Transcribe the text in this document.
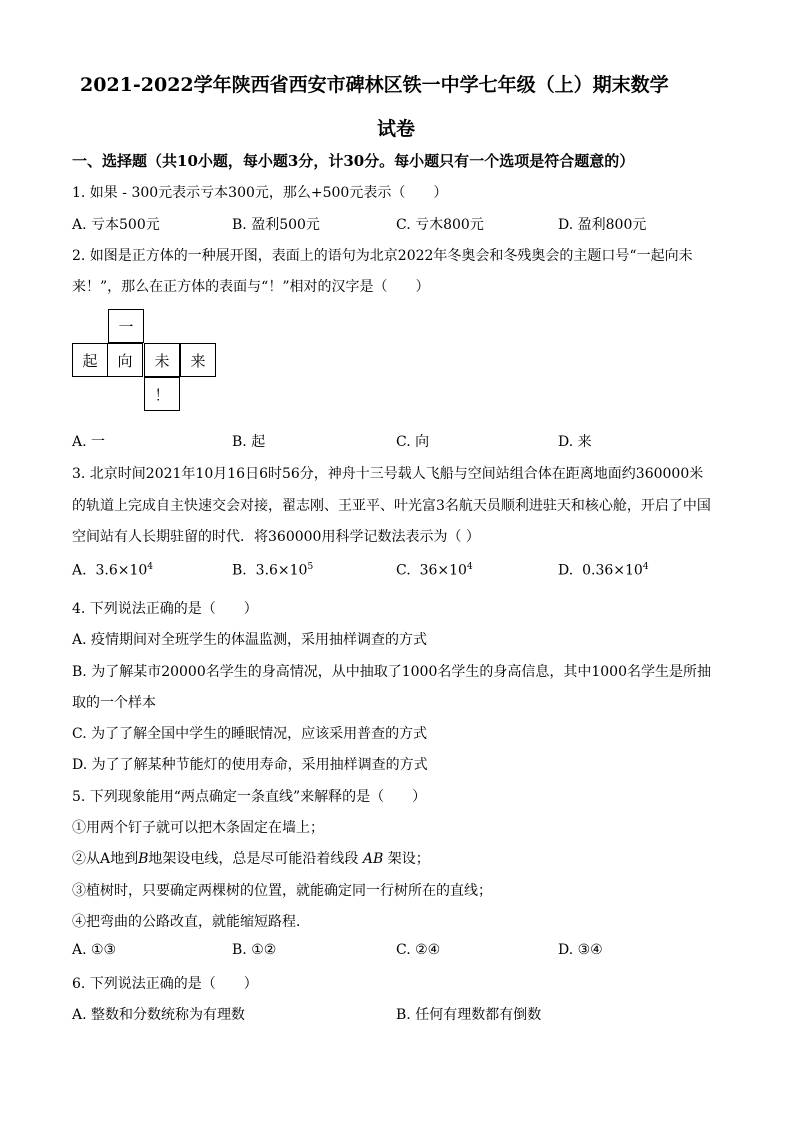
2021-2022学年陕西省西安市碑林区铁一中学七年级（上）期末数学
试卷
一、选择题（共10小题，每小题3分，计30分。每小题只有一个选项是符合题意的）
1. 如果 - 300元表示亏本300元，那么+500元表示（　　）
A. 亏本500元	B. 盈利500元	C. 亏木800元	D. 盈利800元
2. 如图是正方体的一种展开图，表面上的语句为北京2022年冬奥会和冬残奥会的主题口号“一起向未
来！”，那么在正方体的表面与“！”相对的汉字是（　　）
一
起	向	未	来
！
A. 一	B. 起	C. 向	D. 来
3. 北京时间2021年10月16日6时56分，神舟十三号载人飞船与空间站组合体在距离地面约360000米
的轨道上完成自主快速交会对接，翟志刚、王亚平、叶光富3名航天员顺利进驻天和核心舱，开启了中国
空间站有人长期驻留的时代．将360000用科学记数法表示为（ ）
A. $3.6\times 10^4$	B. $3.6\times 10^5$	C. $36\times 10^4$	D. $0.36\times 10^4$
4. 下列说法正确的是（　　）
A. 疫情期间对全班学生的体温监测，采用抽样调查的方式
B. 为了解某市20000名学生的身高情况，从中抽取了1000名学生的身高信息，其中1000名学生是所抽
取的一个样本
C. 为了了解全国中学生的睡眠情况，应该采用普查的方式
D. 为了了解某种节能灯的使用寿命，采用抽样调查的方式
5. 下列现象能用“两点确定一条直线”来解释的是（　　）
①用两个钉子就可以把木条固定在墙上；
②从A地到B地架设电线，总是尽可能沿着线段 AB 架设；
③植树时，只要确定两棵树的位置，就能确定同一行树所在的直线；
④把弯曲的公路改直，就能缩短路程．
A. ①③	B. ①②	C. ②④	D. ③④
6. 下列说法正确的是（　　）
A. 整数和分数统称为有理数	B. 任何有理数都有倒数
